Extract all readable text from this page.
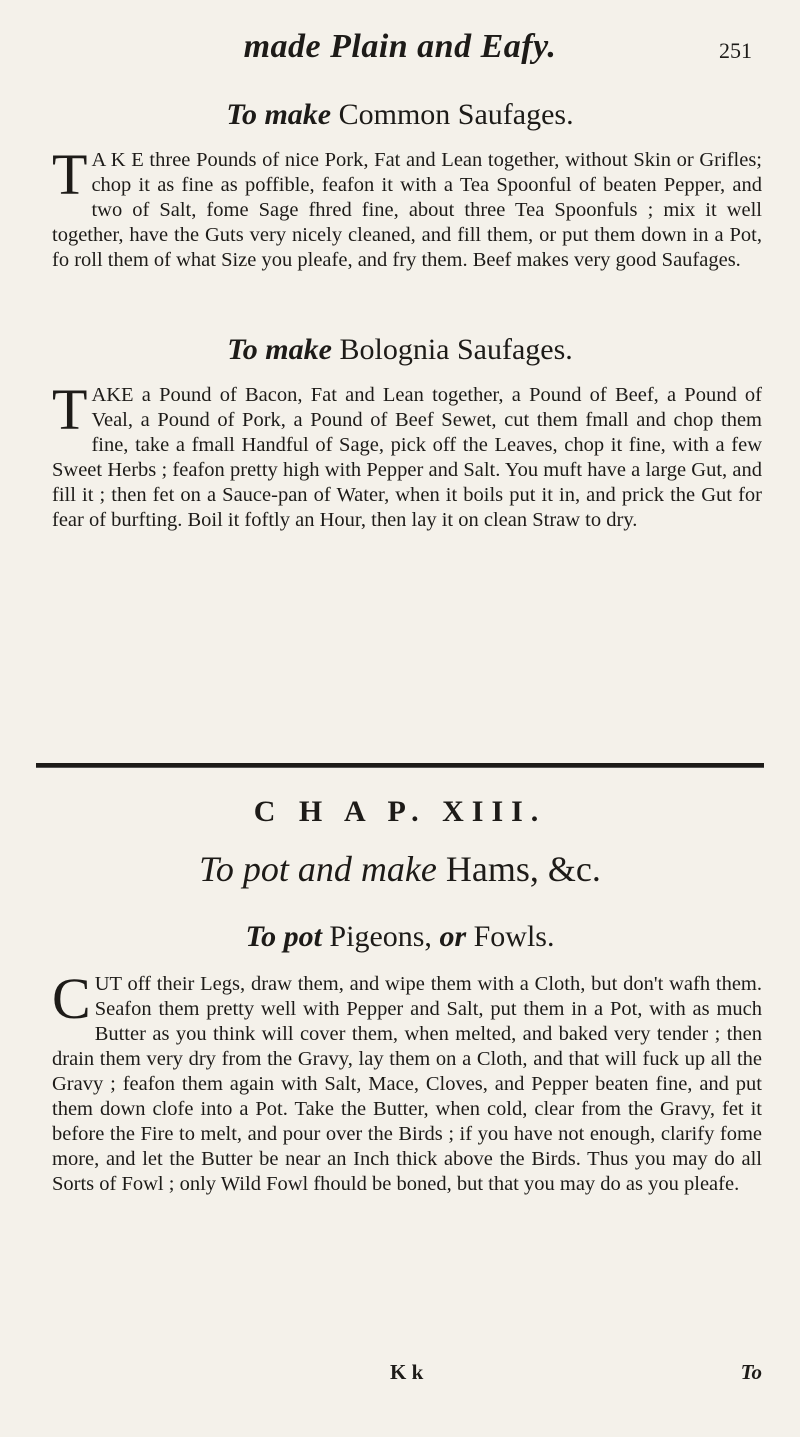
made Plain and Eafy.	251
To make Common Saufages.

T A K E three Pounds of nice Pork, Fat and Lean together, without Skin or Grifles; chop it as fine as poffible, feafon it with a Tea Spoonful of beaten Pepper, and two of Salt, fome Sage fhred fine, about three Tea Spoonfuls ; mix it well together, have the Guts very nicely cleaned, and fill them, or put them down in a Pot, fo roll them of what Size you pleafe, and fry them. Beef makes very good Saufages.

To make Bolognia Saufages.

TAKE a Pound of Bacon, Fat and Lean together, a Pound of Beef, a Pound of Veal, a Pound of Pork, a Pound of Beef Sewet, cut them fmall and chop them fine, take a fmall Handful of Sage, pick off the Leaves, chop it fine, with a few Sweet Herbs ; feafon pretty high with Pepper and Salt. You muft have a large Gut, and fill it ; then fet on a Sauce-pan of Water, when it boils put it in, and prick the Gut for fear of burfting. Boil it foftly an Hour, then lay it on clean Straw to dry.

C H A P. XIII.
To pot and make Hams, &c.
To pot Pigeons, or Fowls.

CUT off their Legs, draw them, and wipe them with a Cloth, but don't wafh them. Seafon them pretty well with Pepper and Salt, put them in a Pot, with as much Butter as you think will cover them, when melted, and baked very tender ; then drain them very dry from the Gravy, lay them on a Cloth, and that will fuck up all the Gravy ; feafon them again with Salt, Mace, Cloves, and Pepper beaten fine, and put them down clofe into a Pot. Take the Butter, when cold, clear from the Gravy, fet it before the Fire to melt, and pour over the Birds ; if you have not enough, clarify fome more, and let the Butter be near an Inch thick above the Birds. Thus you may do all Sorts of Fowl ; only Wild Fowl fhould be boned, but that you may do as you pleafe.

K k	To
